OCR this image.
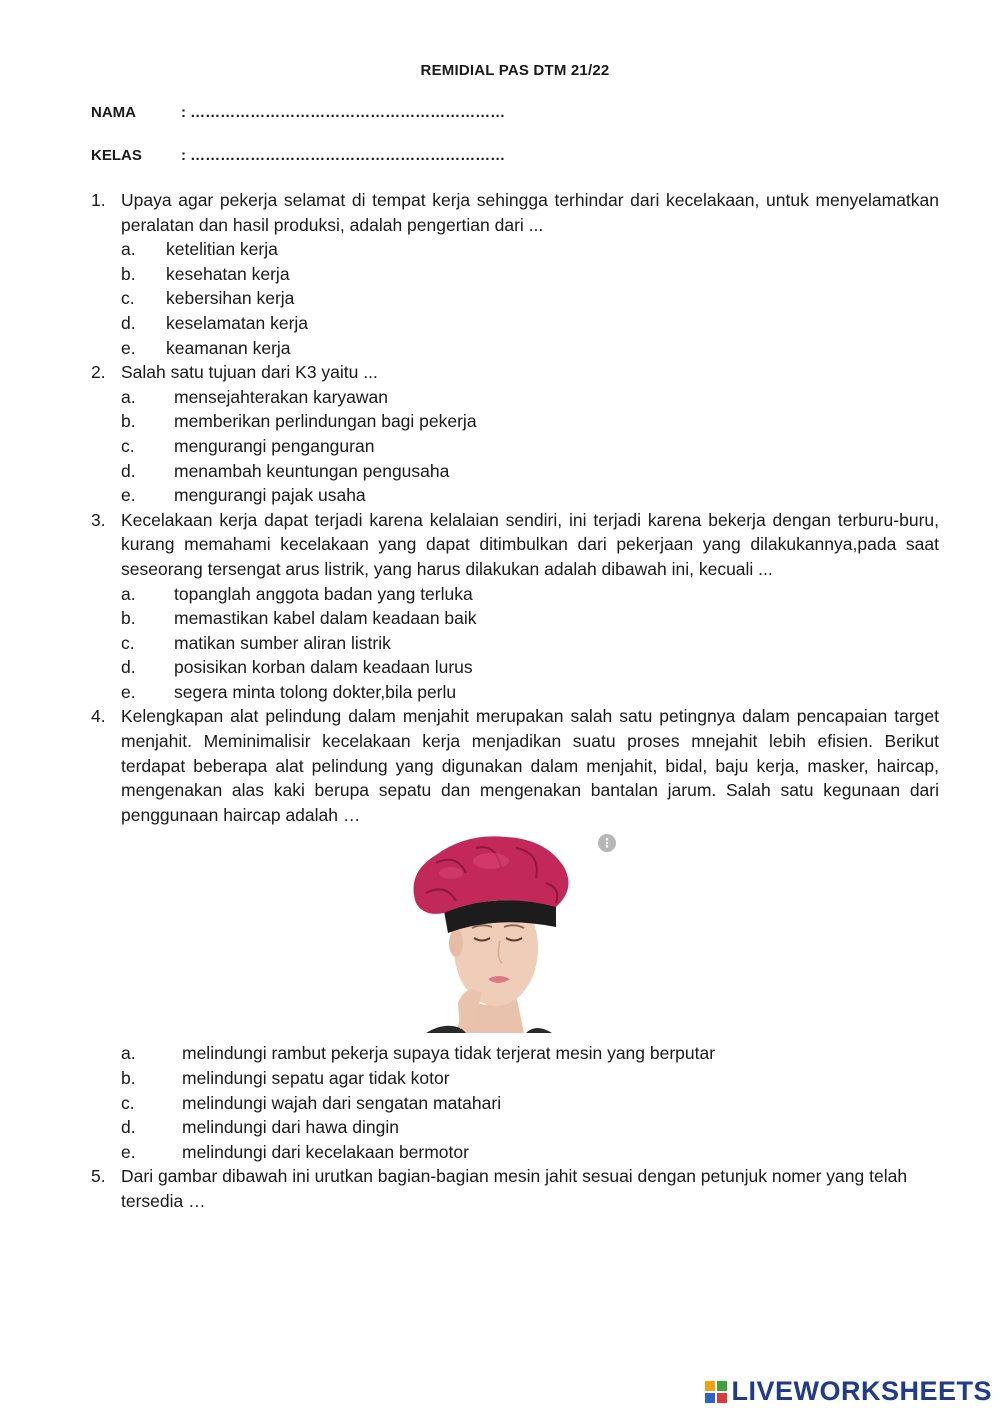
REMIDIAL PAS DTM 21/22
NAMA	: ………………………………………………………
KELAS	: ………………………………………………………
1. Upaya agar pekerja selamat di tempat kerja sehingga terhindar dari kecelakaan, untuk menyelamatkan peralatan dan hasil produksi, adalah pengertian dari ...
a. ketelitian kerja
b. kesehatan kerja
c. kebersihan kerja
d. keselamatan kerja
e. keamanan kerja
2. Salah satu tujuan dari K3 yaitu ...
a. mensejahterakan karyawan
b. memberikan perlindungan bagi pekerja
c. mengurangi penganguran
d. menambah keuntungan pengusaha
e. mengurangi pajak usaha
3. Kecelakaan kerja dapat terjadi karena kelalaian sendiri, ini terjadi karena bekerja dengan terburu-buru, kurang memahami kecelakaan yang dapat ditimbulkan dari pekerjaan yang dilakukannya,pada saat seseorang tersengat arus listrik, yang harus dilakukan adalah dibawah ini, kecuali ...
a. topanglah anggota badan yang terluka
b. memastikan kabel dalam keadaan baik
c. matikan sumber aliran listrik
d. posisikan korban dalam keadaan lurus
e. segera minta tolong dokter,bila perlu
4. Kelengkapan alat pelindung dalam menjahit merupakan salah satu petingnya dalam pencapaian target menjahit. Meminimalisir kecelakaan kerja menjadikan suatu proses mnejahit lebih efisien. Berikut terdapat beberapa alat pelindung yang digunakan dalam menjahit, bidal, baju kerja, masker, haircap, mengenakan alas kaki berupa sepatu dan mengenakan bantalan jarum. Salah satu kegunaan dari penggunaan haircap adalah …
a.	melindungi rambut pekerja supaya tidak terjerat mesin yang berputar
b.	melindungi sepatu agar tidak kotor
c.	melindungi wajah dari sengatan matahari
d.	melindungi dari hawa dingin
e.	melindungi dari kecelakaan bermotor
5. Dari gambar dibawah ini urutkan bagian-bagian mesin jahit sesuai dengan petunjuk nomer yang telah tersedia …
⋮
LIVEWORKSHEETS
